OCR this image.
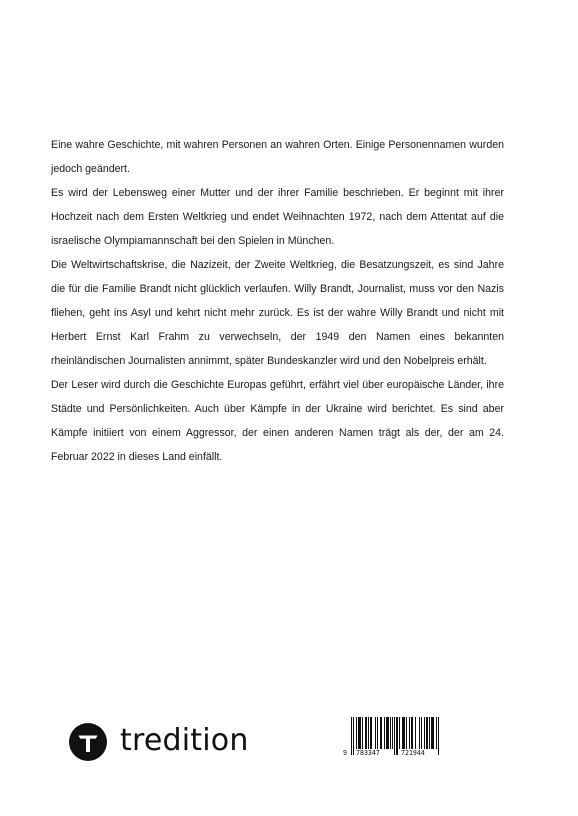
Eine wahre Geschichte, mit wahren Personen an wahren Orten. Einige Personennamen wurden jedoch geändert.

Es wird der Lebensweg einer Mutter und der ihrer Familie beschrieben. Er beginnt mit ihrer Hochzeit nach dem Ersten Weltkrieg und endet Weihnachten 1972, nach dem Attentat auf die israelische Olympiamannschaft bei den Spielen in München.

Die Weltwirtschaftskrise, die Nazizeit, der Zweite Weltkrieg, die Besatzungszeit, es sind Jahre die für die Familie Brandt nicht glücklich verlaufen. Willy Brandt, Journalist, muss vor den Nazis fliehen, geht ins Asyl und kehrt nicht mehr zurück. Es ist der wahre Willy Brandt und nicht mit Herbert Ernst Karl Frahm zu verwechseln, der 1949 den Namen eines bekannten rheinländischen Journalisten annimmt, später Bundeskanzler wird und den Nobelpreis erhält.

Der Leser wird durch die Geschichte Europas geführt, erfährt viel über europäische Länder, ihre Städte und Persönlichkeiten. Auch über Kämpfe in der Ukraine wird berichtet. Es sind aber Kämpfe initiiert von einem Aggressor, der einen anderen Namen trägt als der, der am 24. Februar 2022 in dieses Land einfällt.

tredition	9 783347	721944
